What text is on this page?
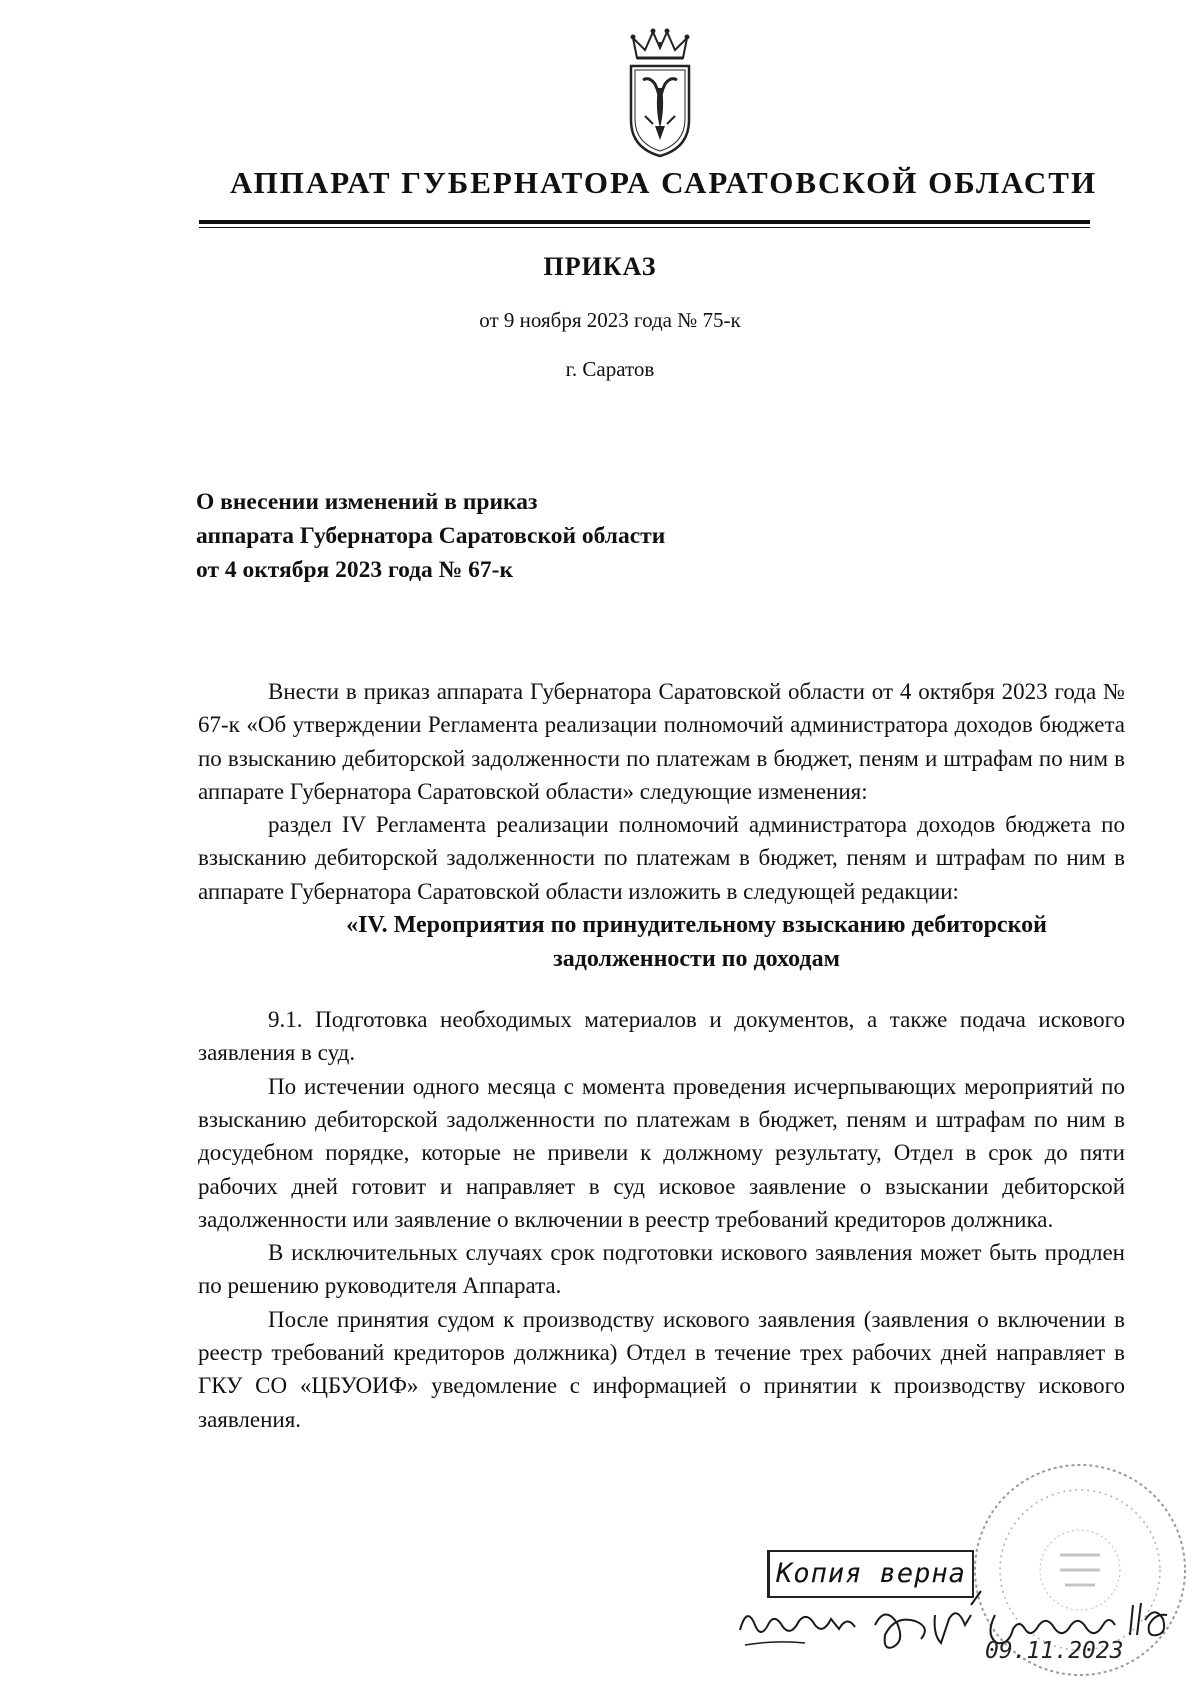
АППАРАТ ГУБЕРНАТОРА САРАТОВСКОЙ ОБЛАСТИ
ПРИКАЗ
от 9 ноября 2023 года № 75-к
г. Саратов
О внесении изменений в приказ
аппарата Губернатора Саратовской области
от 4 октября 2023 года № 67-к

Внести в приказ аппарата Губернатора Саратовской области от 4 октября 2023 года № 67-к «Об утверждении Регламента реализации полномочий администратора доходов бюджета по взысканию дебиторской задолженности по платежам в бюджет, пеням и штрафам по ним в аппарате Губернатора Саратовской области» следующие изменения:

раздел IV Регламента реализации полномочий администратора доходов бюджета по взысканию дебиторской задолженности по платежам в бюджет, пеням и штрафам по ним в аппарате Губернатора Саратовской области изложить в следующей редакции:

«IV. Мероприятия по принудительному взысканию дебиторской
задолженности по доходам

9.1. Подготовка необходимых материалов и документов, а также подача искового заявления в суд.

По истечении одного месяца с момента проведения исчерпывающих мероприятий по взысканию дебиторской задолженности по платежам в бюджет, пеням и штрафам по ним в досудебном порядке, которые не привели к должному результату, Отдел в срок до пяти рабочих дней готовит и направляет в суд исковое заявление о взыскании дебиторской задолженности или заявление о включении в реестр требований кредиторов должника.

В исключительных случаях срок подготовки искового заявления может быть продлен по решению руководителя Аппарата.

После принятия судом к производству искового заявления (заявления о включении в реестр требований кредиторов должника) Отдел в течение трех рабочих дней направляет в ГКУ СО «ЦБУОИФ» уведомление с информацией о принятии к производству искового заявления.

Копия верна
09.11.2023
